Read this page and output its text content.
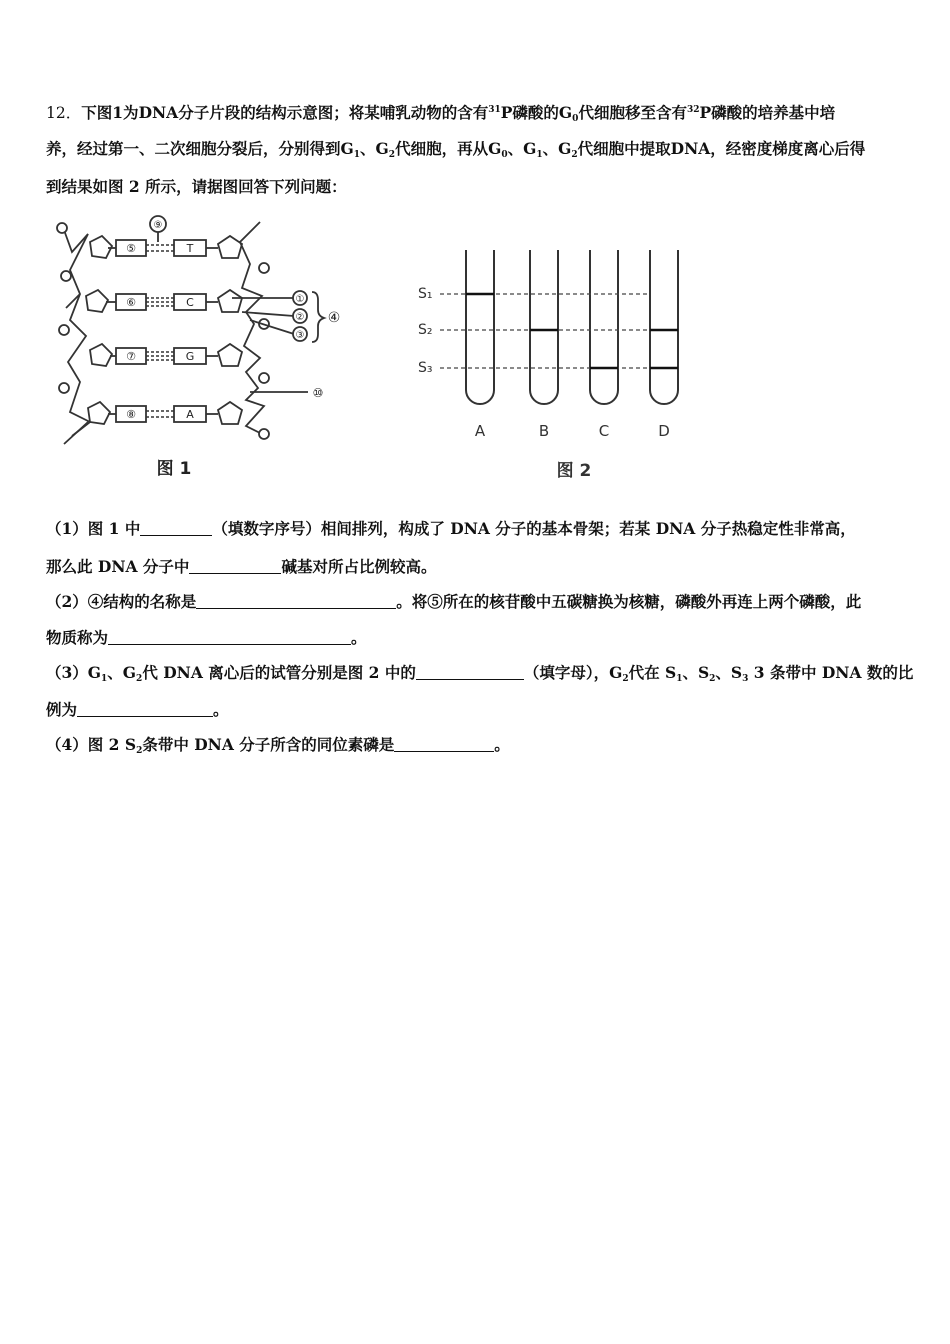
12．下图1为DNA分子片段的结构示意图；将某哺乳动物的含有$^{31}$P磷酸的$G_0$代细胞移至含有$^{32}$P磷酸的培养基中培
养，经过第一、二次细胞分裂后，分别得到$G_1$、$G_2$代细胞，再从$G_0$、$G_1$、$G_2$代细胞中提取DNA，经密度梯度离心后得
到结果如图 2 所示，请据图回答下列问题：
⑤
⑥
⑦
⑧
T
C
G
A
⑨
①
②
③
④
⑩
图 1
S₁
S₂
S₃
A	B	C	D
图 2
（1）图 1 中	（填数字序号）相间排列，构成了 DNA 分子的基本骨架；若某 DNA 分子热稳定性非常高，
那么此 DNA 分子中	碱基对所占比例较高。
（2）④结构的名称是	。将⑤所在的核苷酸中五碳糖换为核糖，磷酸外再连上两个磷酸，此
物质称为	。
$(3)G_1$、$G_2$代 DNA 离心后的试管分别是图 2 中的	（填字母），$G_2$代在 $S_1$、$S_2$、$S_3$ 3 条带中 DNA 数的比
例为	。
（4）图 2 $S_2$条带中 DNA 分子所含的同位素磷是	。
